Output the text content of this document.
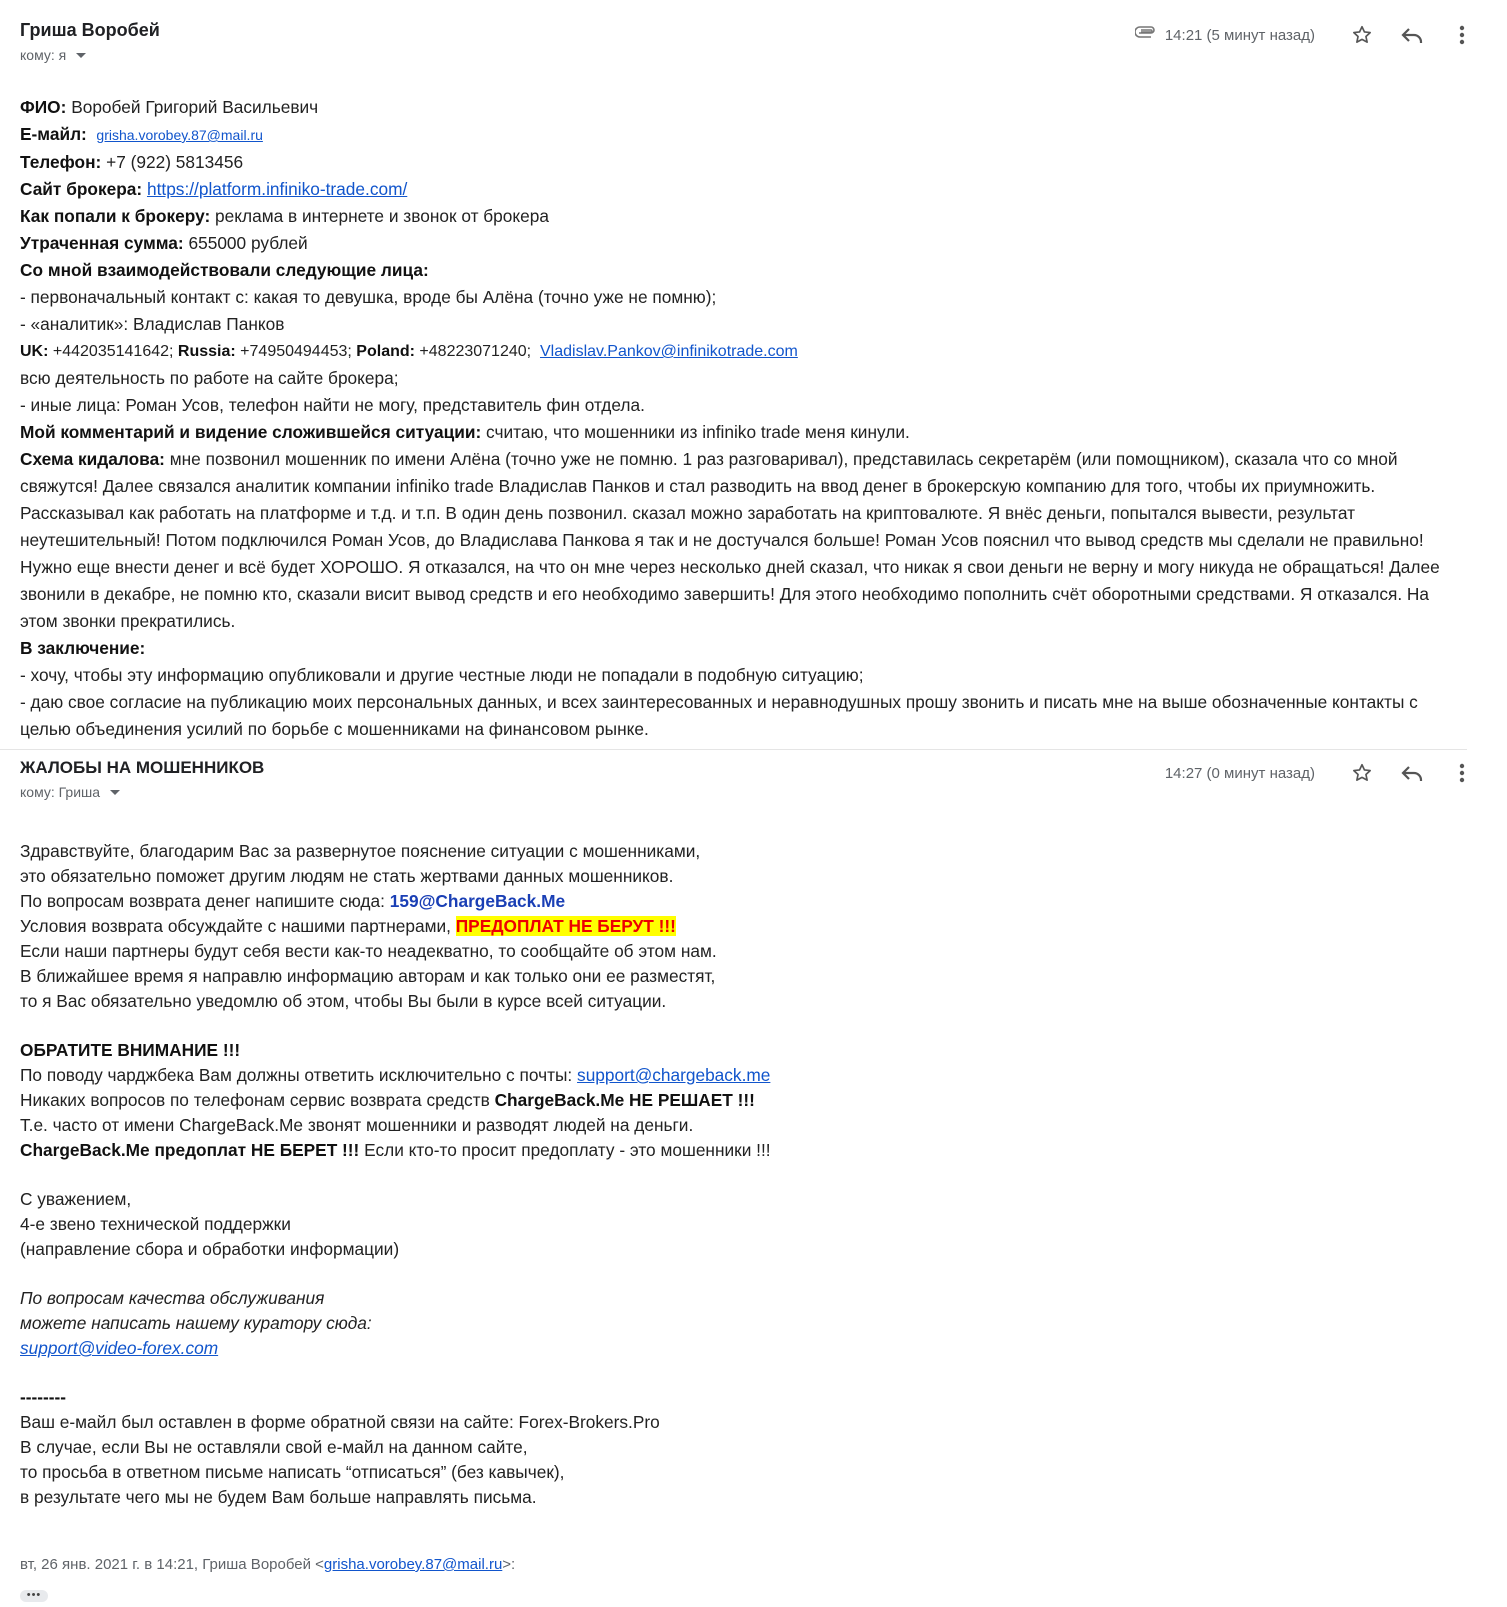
Гриша Воробей
кому: я
14:21 (5 минут назад)

ФИО: Воробей Григорий Васильевич

Е-майл: grisha.vorobey.87@mail.ru

Телефон: +7 (922) 5813456

Сайт брокера: https://platform.infiniko-trade.com/

Как попали к брокеру: реклама в интернете и звонок от брокера

Утраченная сумма: 655000 рублей

Со мной взаимодействовали следующие лица:

- первоначальный контакт с: какая то девушка, вроде бы Алёна (точно уже не помню);

- «аналитик»: Владислав Панков

UK: +442035141642; Russia: +74950494453; Poland: +48223071240; Vladislav.Pankov@infinikotrade.com

всю деятельность по работе на сайте брокера;

- иные лица: Роман Усов, телефон найти не могу, представитель фин отдела.

Мой комментарий и видение сложившейся ситуации: считаю, что мошенники из infiniko trade меня кинули.

Схема кидалова: мне позвонил мошенник по имени Алёна (точно уже не помню. 1 раз разговаривал), представилась секретарём (или помощником), сказала что со мной свяжутся! Далее связался аналитик компании infiniko trade Владислав Панков и стал разводить на ввод денег в брокерскую компанию для того, чтобы их приумножить. Рассказывал как работать на платформе и т.д. и т.п. В один день позвонил. сказал можно заработать на криптовалюте. Я внёс деньги, попытался вывести, результат неутешительный! Потом подключился Роман Усов, до Владислава Панкова я так и не достучался больше! Роман Усов пояснил что вывод средств мы сделали не правильно! Нужно еще внести денег и всё будет ХОРОШО. Я отказался, на что он мне через несколько дней сказал, что никак я свои деньги не верну и могу никуда не обращаться! Далее звонили в декабре, не помню кто, сказали висит вывод средств и его необходимо завершить! Для этого необходимо пополнить счёт оборотными средствами. Я отказался. На этом звонки прекратились.

В заключение:

- хочу, чтобы эту информацию опубликовали и другие честные люди не попадали в подобную ситуацию;

- даю свое согласие на публикацию моих персональных данных, и всех заинтересованных и неравнодушных прошу звонить и писать мне на выше обозначенные контакты с целью объединения усилий по борьбе с мошенниками на финансовом рынке.

ЖАЛОБЫ НА МОШЕННИКОВ
кому: Гриша
14:27 (0 минут назад)

Здравствуйте, благодарим Вас за развернутое пояснение ситуации с мошенниками,

это обязательно поможет другим людям не стать жертвами данных мошенников.

По вопросам возврата денег напишите сюда: 159@ChargeBack.Me

Условия возврата обсуждайте с нашими партнерами, ПРЕДОПЛАТ НЕ БЕРУТ !!!

Если наши партнеры будут себя вести как-то неадекватно, то сообщайте об этом нам.

В ближайшее время я направлю информацию авторам и как только они ее разместят,

то я Вас обязательно уведомлю об этом, чтобы Вы были в курсе всей ситуации.

ОБРАТИТЕ ВНИМАНИЕ !!!

По поводу чарджбека Вам должны ответить исключительно с почты: support@chargeback.me

Никаких вопросов по телефонам сервис возврата средств ChargeBack.Me НЕ РЕШАЕТ !!!

Т.е. часто от имени ChargeBack.Me звонят мошенники и разводят людей на деньги.

ChargeBack.Me предоплат НЕ БЕРЕТ !!! Если кто-то просит предоплату - это мошенники !!!

С уважением,

4-е звено технической поддержки

(направление сбора и обработки информации)

По вопросам качества обслуживания

можете написать нашему куратору сюда:

support@video-forex.com

--------

Ваш е-майл был оставлен в форме обратной связи на сайте: Forex-Brokers.Pro

В случае, если Вы не оставляли свой е-майл на данном сайте,

то просьба в ответном письме написать “отписаться” (без кавычек),

в результате чего мы не будем Вам больше направлять письма.

вт, 26 янв. 2021 г. в 14:21, Гриша Воробей <grisha.vorobey.87@mail.ru>:
•••
